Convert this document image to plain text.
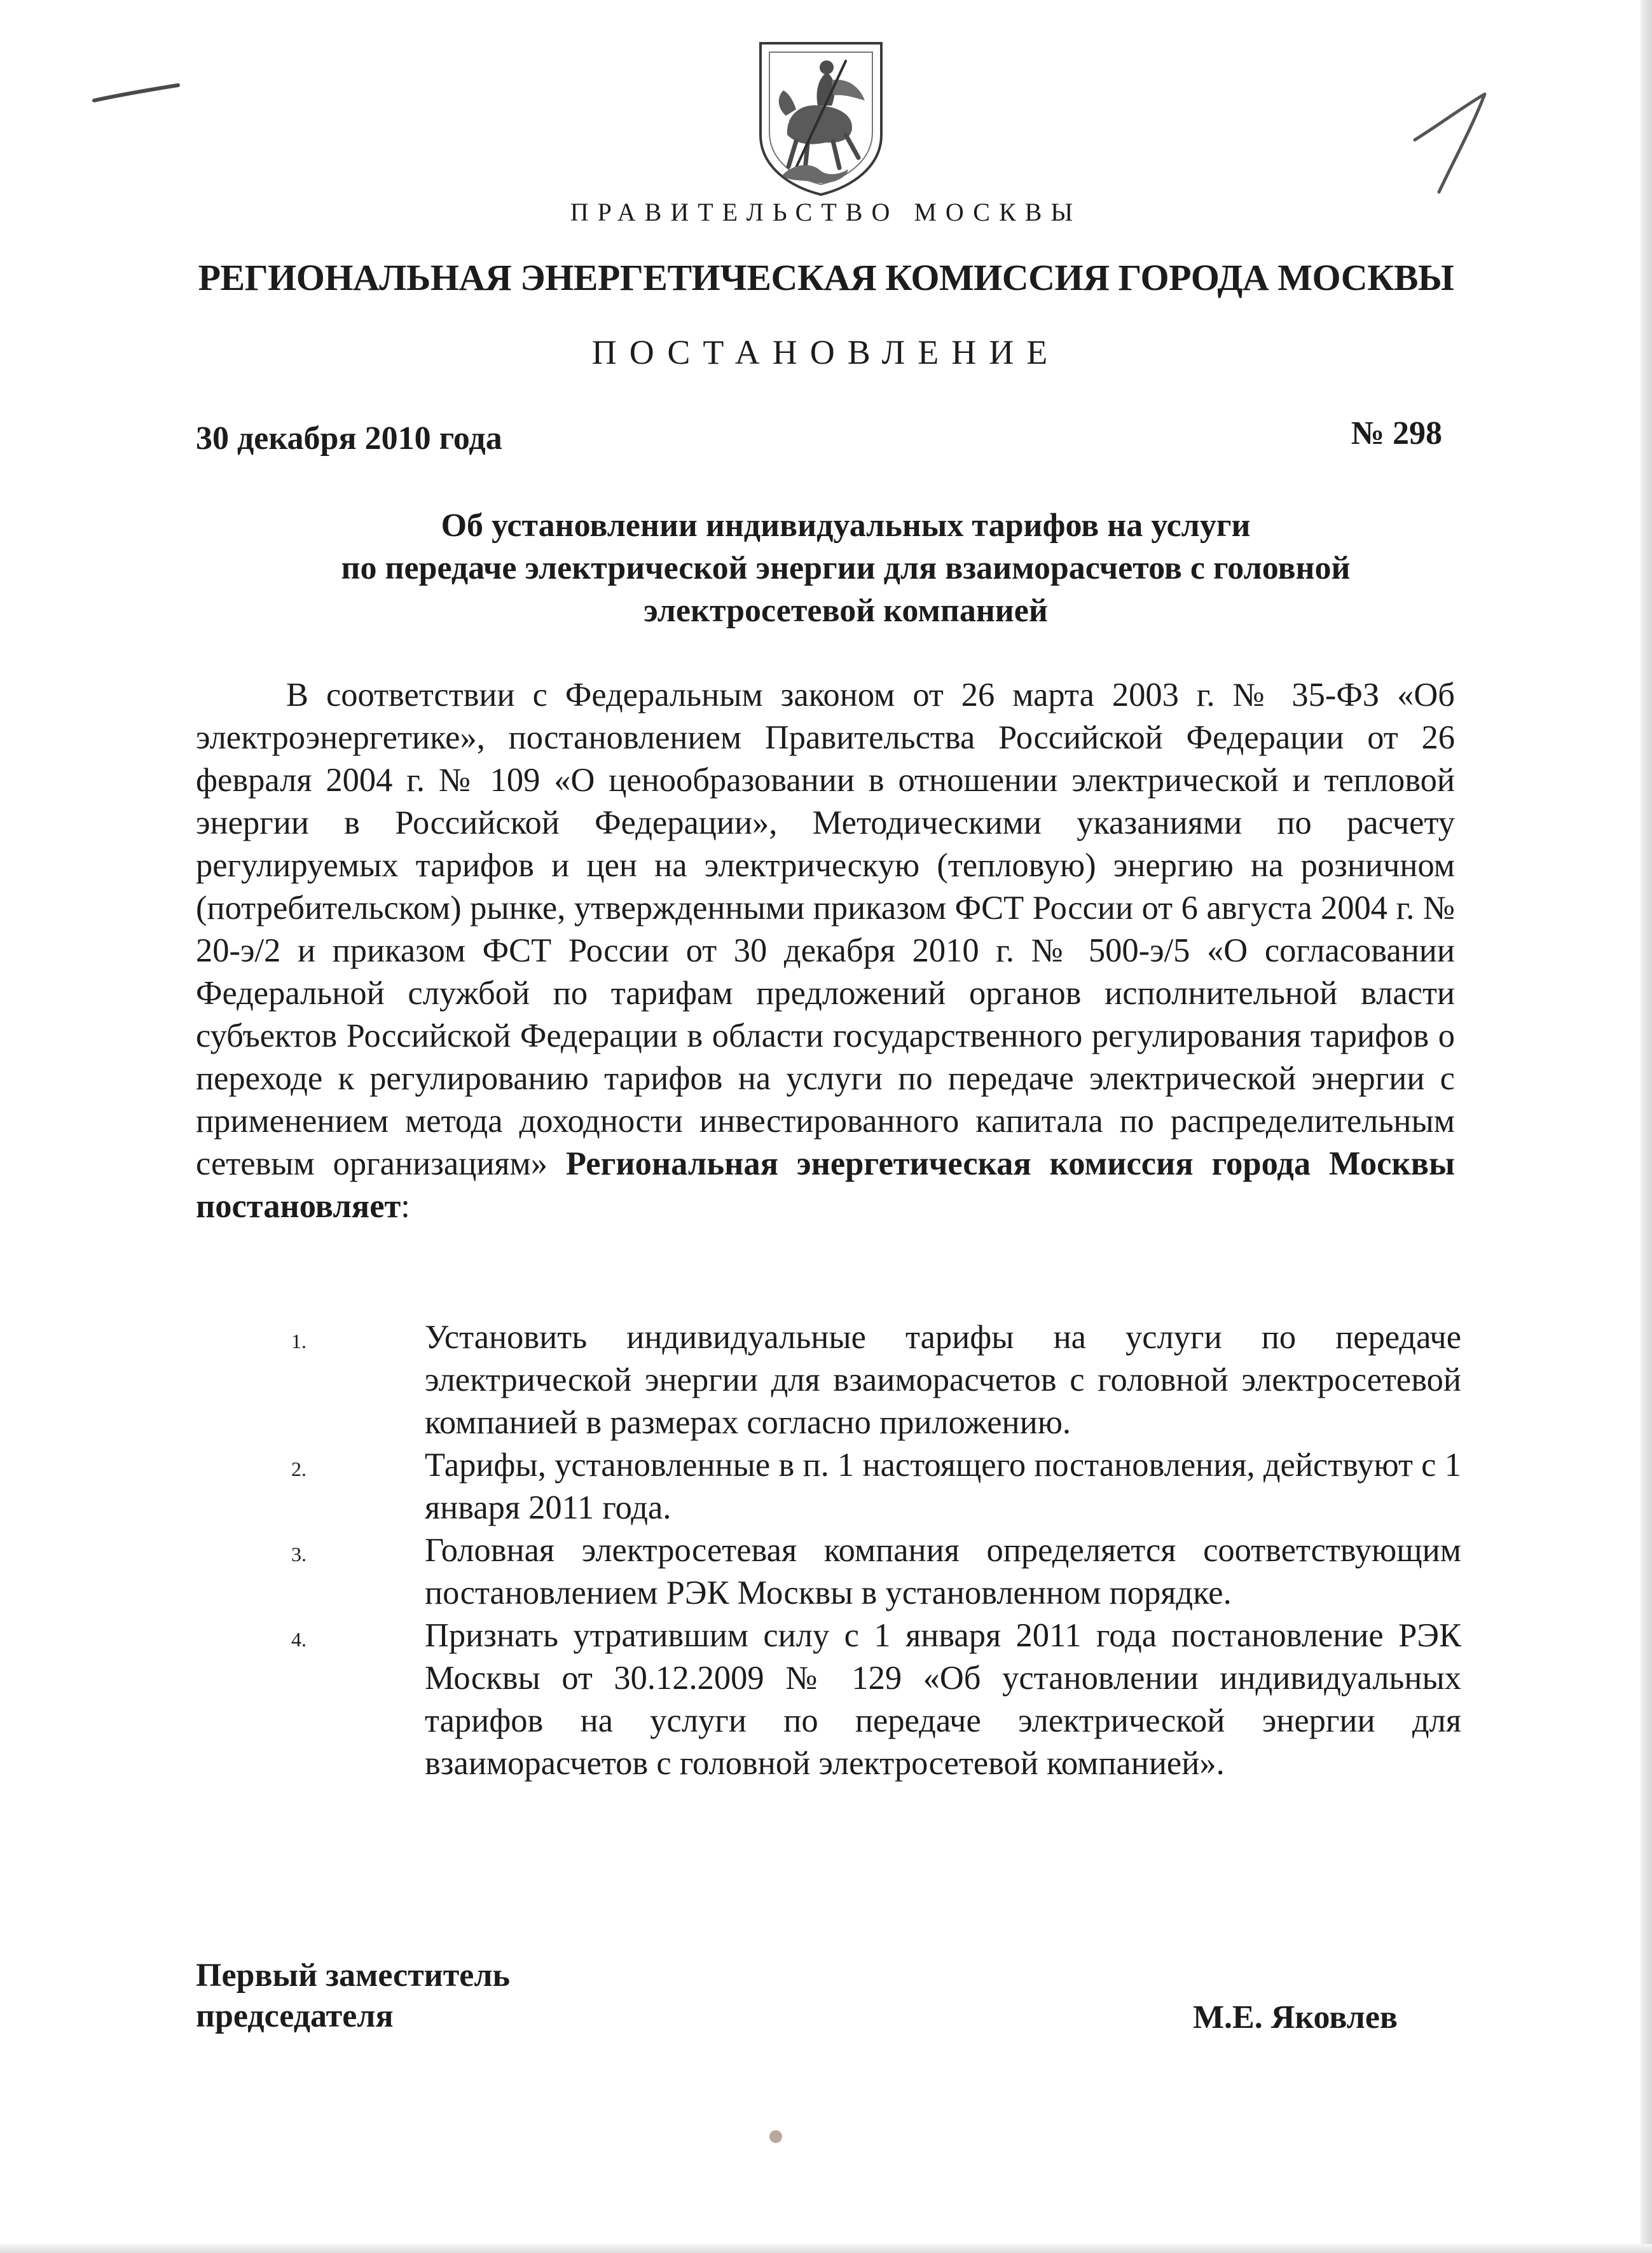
ПРАВИТЕЛЬСТВО МОСКВЫ
РЕГИОНАЛЬНАЯ ЭНЕРГЕТИЧЕСКАЯ КОМИССИЯ ГОРОДА МОСКВЫ
ПОСТАНОВЛЕНИЕ
30 декабря 2010 года	№ 298
Об установлении индивидуальных тарифов на услуги
по передаче электрической энергии для взаиморасчетов с головной
электросетевой компанией
В соответствии с Федеральным законом от 26 марта 2003 г. № 35-ФЗ «Об электроэнергетике», постановлением Правительства Российской Федерации от 26 февраля 2004 г. № 109 «О ценообразовании в отношении электрической и тепловой энергии в Российской Федерации», Методическими указаниями по расчету регулируемых тарифов и цен на электрическую (тепловую) энергию на розничном (потребительском) рынке, утвержденными приказом ФСТ России от 6 августа 2004 г. № 20-э/2 и приказом ФСТ России от 30 декабря 2010 г. № 500-э/5 «О согласовании Федеральной службой по тарифам предложений органов исполнительной власти субъектов Российской Федерации в области государственного регулирования тарифов о переходе к регулированию тарифов на услуги по передаче электрической энергии с применением метода доходности инвестированного капитала по распределительным сетевым организациям» Региональная энергетическая комиссия города Москвы постановляет:
1.	Установить индивидуальные тарифы на услуги по передаче электрической энергии для взаиморасчетов с головной электросетевой компанией в размерах согласно приложению.
2.	Тарифы, установленные в п. 1 настоящего постановления, действуют с 1 января 2011 года.
3.	Головная электросетевая компания определяется соответствующим постановлением РЭК Москвы в установленном порядке.
4.	Признать утратившим силу с 1 января 2011 года постановление РЭК Москвы от 30.12.2009 № 129 «Об установлении индивидуальных тарифов на услуги по передаче электрической энергии для взаиморасчетов с головной электросетевой компанией».
Первый заместитель
председателя	М.Е. Яковлев
